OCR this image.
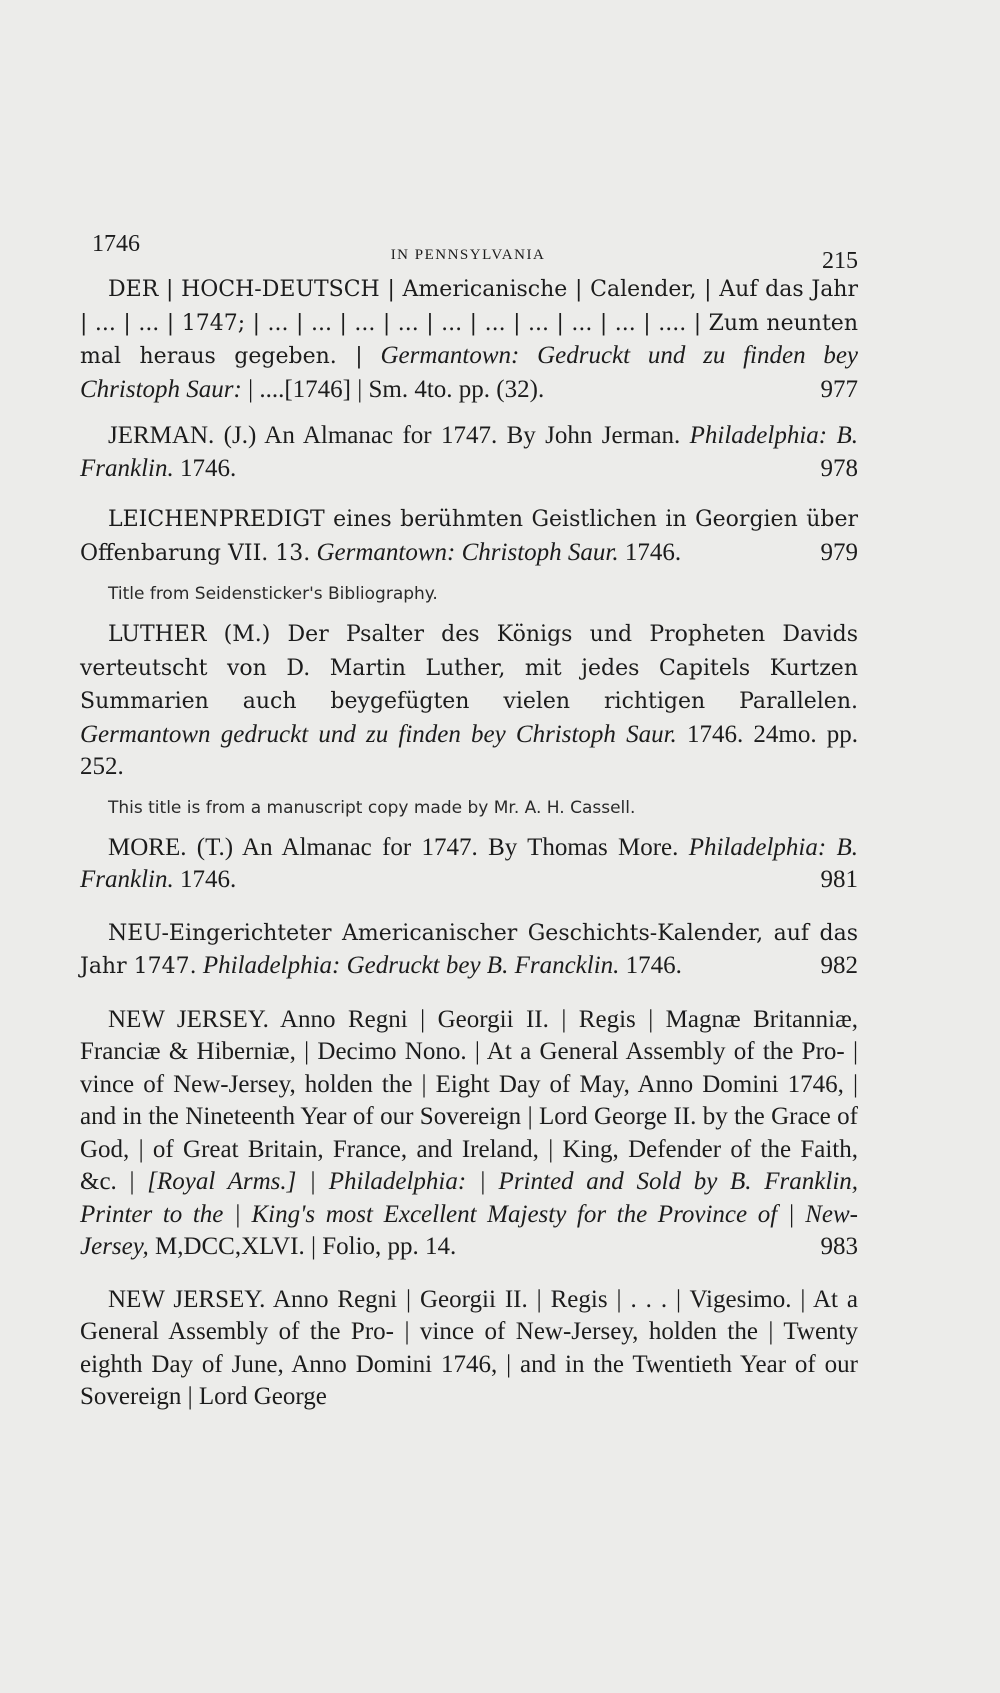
1746	IN PENNSYLVANIA	215

DER | HOCH-DEUTSCH | Americanische | Calender, | Auf das Jahr | ... | ... | 1747; | ... | ... | ... | ... | ... | ... | ... | ... | ... | .... | Zum neunten mal heraus gegeben. | Germantown: Gedruckt und zu finden bey Christoph Saur: | ....[1746] | Sm. 4to. pp. (32).	977

JERMAN. (J.) An Almanac for 1747. By John Jerman. Philadelphia: B. Franklin. 1746.	978

LEICHENPREDIGT eines berühmten Geistlichen in Georgien über Offenbarung VII. 13. Germantown: Christoph Saur. 1746.	979

Title from Seidensticker's Bibliography.

LUTHER (M.) Der Psalter des Königs und Propheten Davids verteutscht von D. Martin Luther, mit jedes Capitels Kurtzen Summarien auch beygefügten vielen richtigen Parallelen. Germantown gedruckt und zu finden bey Christoph Saur. 1746. 24mo. pp. 252.

This title is from a manuscript copy made by Mr. A. H. Cassell.

MORE. (T.) An Almanac for 1747. By Thomas More. Philadelphia: B. Franklin. 1746.	981

NEU-Eingerichteter Americanischer Geschichts-Kalender, auf das Jahr 1747. Philadelphia: Gedruckt bey B. Francklin. 1746.	982

NEW JERSEY. Anno Regni | Georgii II. | Regis | Magnæ Britanniæ, Franciæ & Hiberniæ, | Decimo Nono. | At a General Assembly of the Pro- | vince of New-Jersey, holden the | Eight Day of May, Anno Domini 1746, | and in the Nineteenth Year of our Sovereign | Lord George II. by the Grace of God, | of Great Britain, France, and Ireland, | King, Defender of the Faith, &c. | [Royal Arms.] | Philadelphia: | Printed and Sold by B. Franklin, Printer to the | King's most Excellent Majesty for the Province of | New-Jersey, M,DCC,XLVI. | Folio, pp. 14.	983

NEW JERSEY. Anno Regni | Georgii II. | Regis | . . . | Vigesimo. | At a General Assembly of the Pro- | vince of New-Jersey, holden the | Twenty eighth Day of June, Anno Domini 1746, | and in the Twentieth Year of our Sovereign | Lord George
